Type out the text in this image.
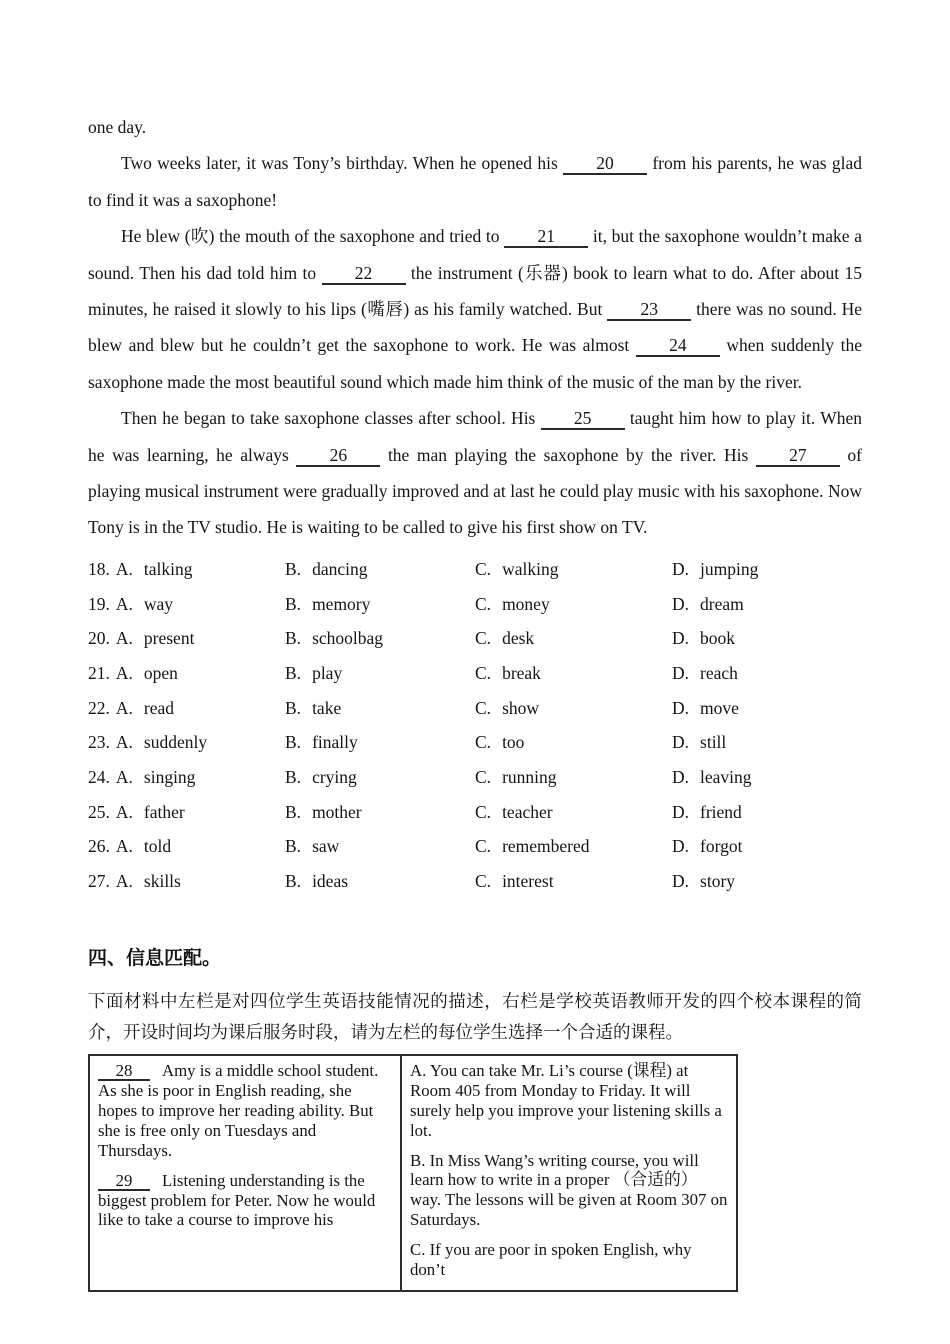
one day.

Two weeks later, it was Tony’s birthday. When he opened his 20 from his parents, he was glad to find it was a saxophone!

He blew (吹) the mouth of the saxophone and tried to 21 it, but the saxophone wouldn’t make a sound. Then his dad told him to 22 the instrument (乐器) book to learn what to do. After about 15 minutes, he raised it slowly to his lips (嘴唇) as his family watched. But 23 there was no sound. He blew and blew but he couldn’t get the saxophone to work. He was almost 24 when suddenly the saxophone made the most beautiful sound which made him think of the music of the man by the river.

Then he began to take saxophone classes after school. His 25 taught him how to play it. When he was learning, he always 26 the man playing the saxophone by the river. His 27 of playing musical instrument were gradually improved and at last he could play music with his saxophone. Now Tony is in the TV studio. He is waiting to be called to give his first show on TV.

18. A. talking	B. dancing	C. walking	D. jumping
19. A. way	B. memory	C. money	D. dream
20. A. present	B. schoolbag	C. desk	D. book
21. A. open	B. play	C. break	D. reach
22. A. read	B. take	C. show	D. move
23. A. suddenly	B. finally	C. too	D. still
24. A. singing	B. crying	C. running	D. leaving
25. A. father	B. mother	C. teacher	D. friend
26. A. told	B. saw	C. remembered	D. forgot
27. A. skills	B. ideas	C. interest	D. story
四、信息匹配。

下面材料中左栏是对四位学生英语技能情况的描述，右栏是学校英语教师开发的四个校本课程的简介，开设时间均为课后服务时段，请为左栏的每位学生选择一个合适的课程。

28 Amy is a middle school student. As she is poor in English reading, she hopes to improve her reading ability. But she is free only on Tuesdays and Thursdays.

29 Listening understanding is the biggest problem for Peter. Now he would like to take a course to improve his

A. You can take Mr. Li’s course (课程) at Room 405 from Monday to Friday. It will surely help you improve your listening skills a lot.

B. In Miss Wang’s writing course, you will learn how to write in a proper （合适的） way. The lessons will be given at Room 307 on Saturdays.

C. If you are poor in spoken English, why don’t
